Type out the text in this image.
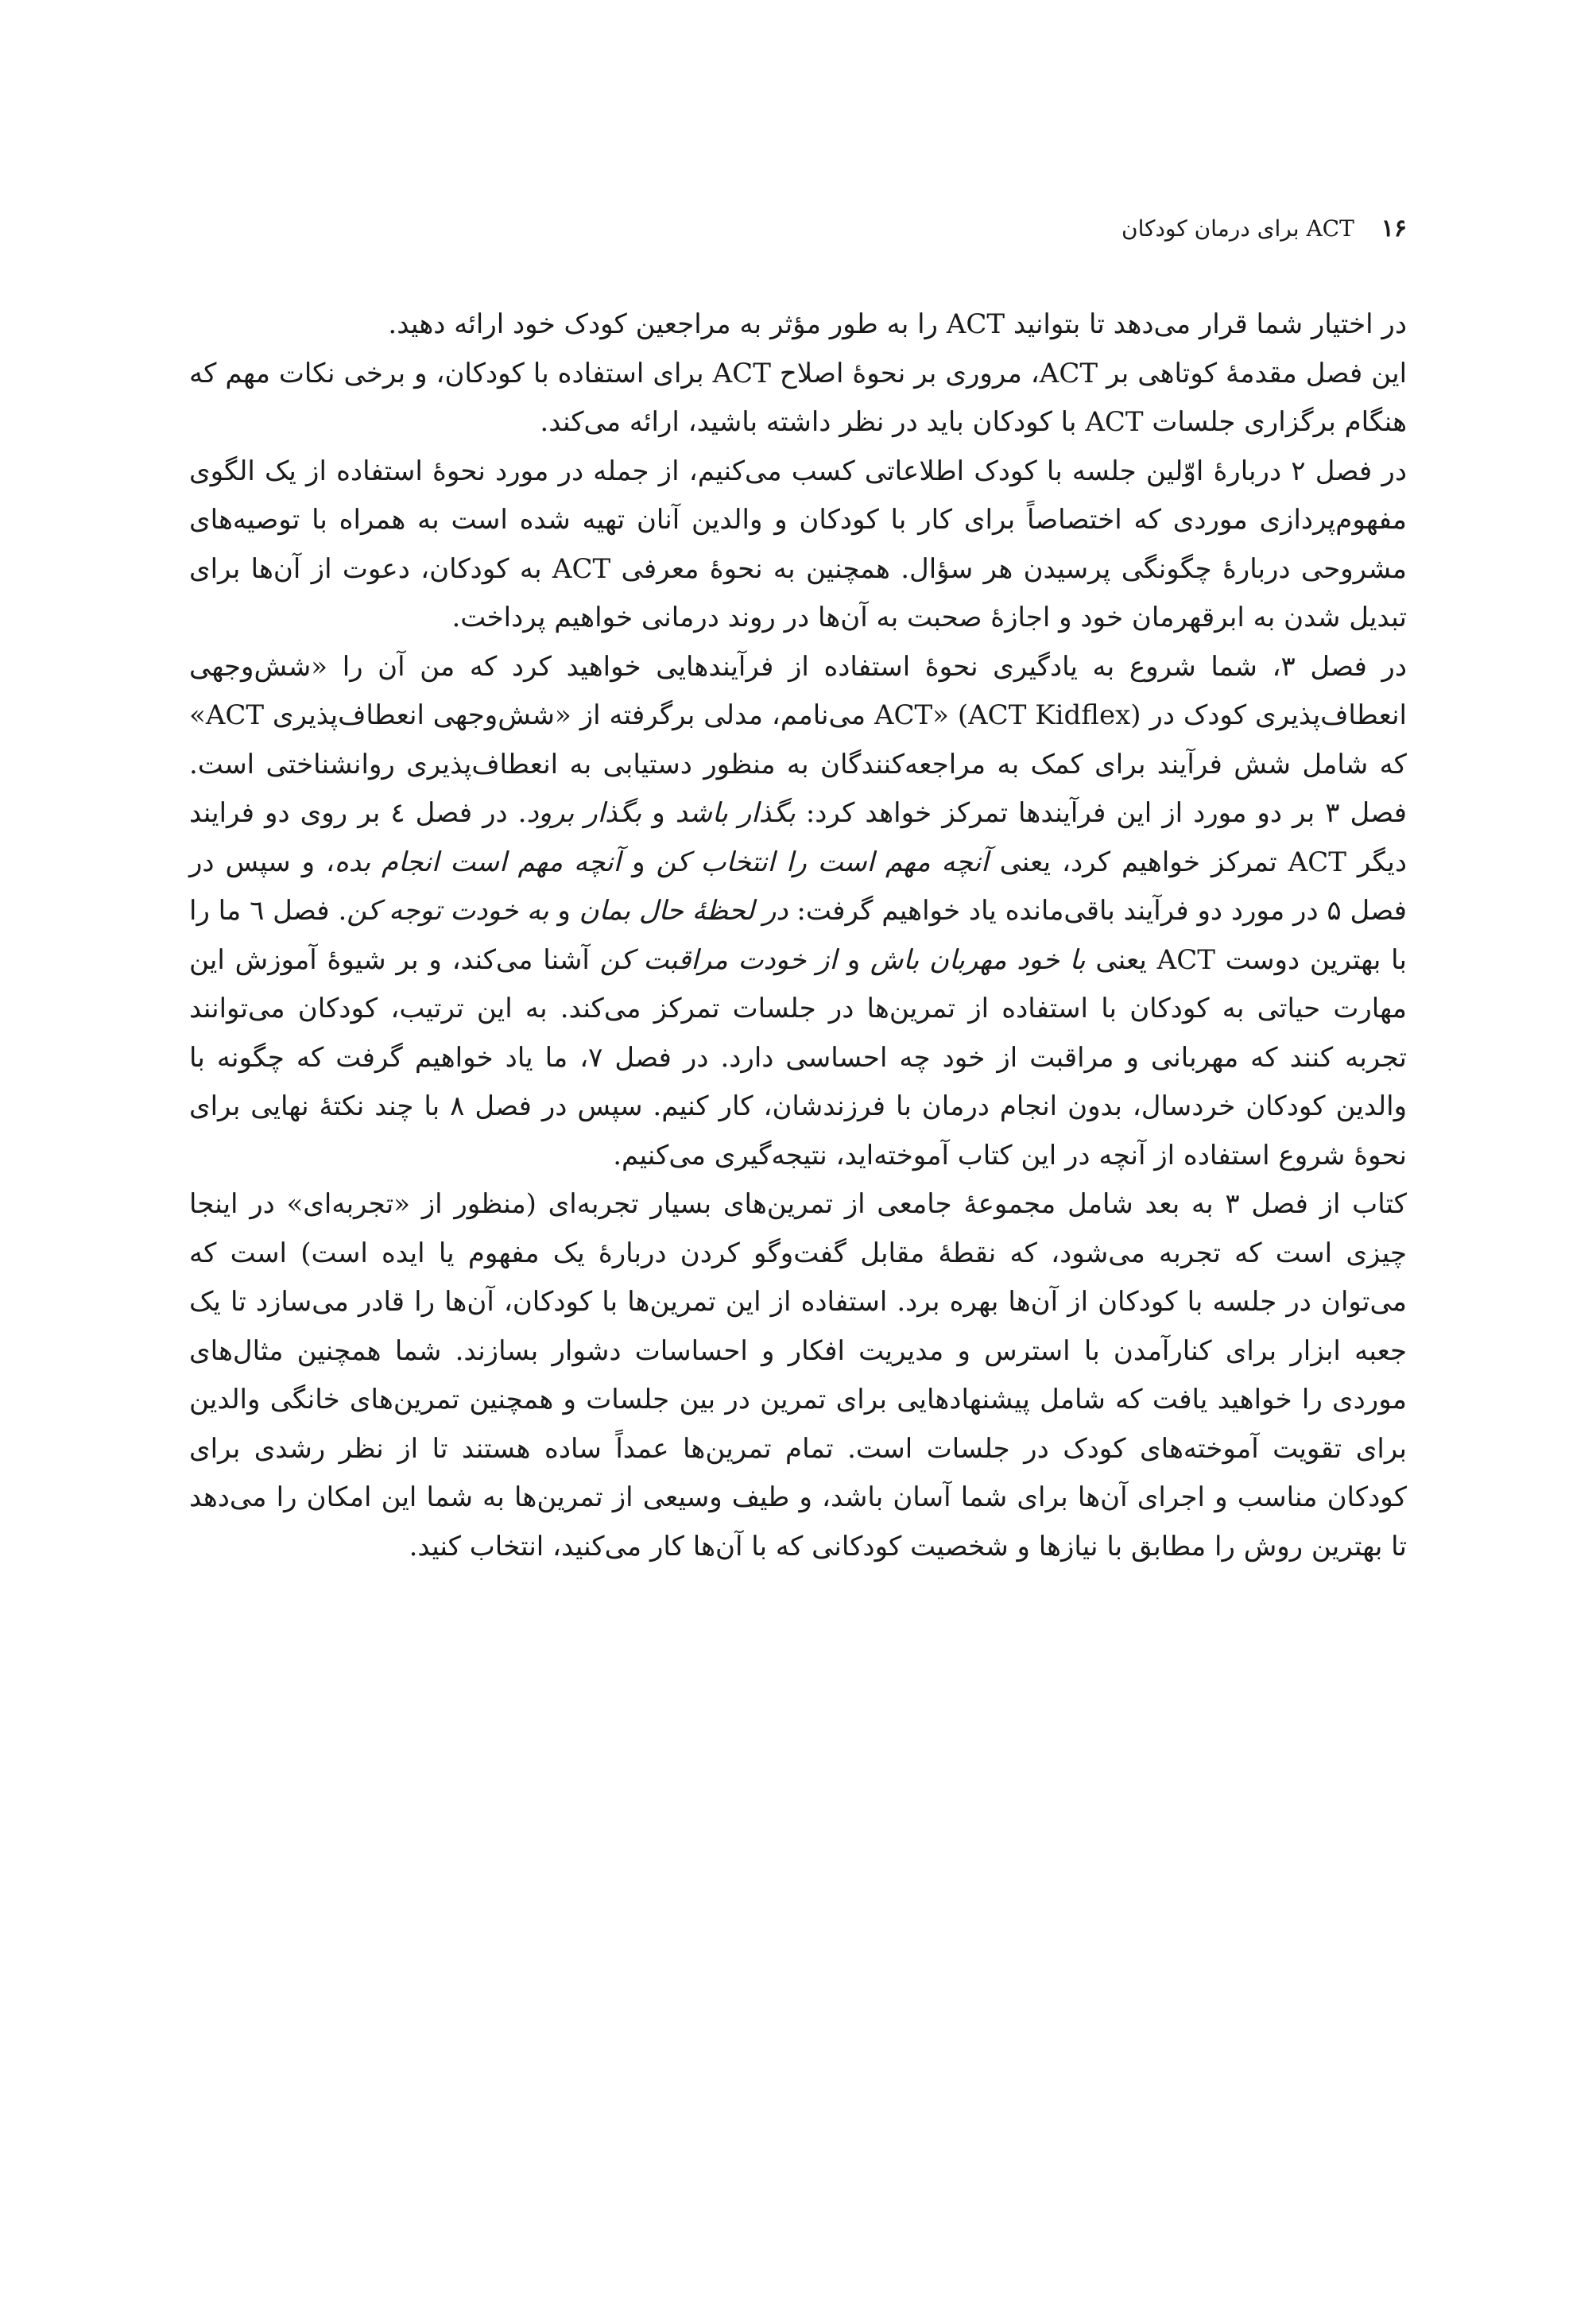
۱۶
ACT برای درمان کودکان

در اختیار شما قرار می‌دهد تا بتوانید ACT را به طور مؤثر به مراجعین کودک خود ارائه دهید.

این فصل مقدمهٔ کوتاهی بر ACT، مروری بر نحوهٔ اصلاح ACT برای استفاده با کودکان، و برخی نکات مهم که هنگام برگزاری جلسات ACT با کودکان باید در نظر داشته باشید، ارائه می‌کند.

در فصل ۲ دربارهٔ اوّلین جلسه با کودک اطلاعاتی کسب می‌کنیم، از جمله در مورد نحوهٔ استفاده از یک الگوی مفهوم‌پردازی موردی که اختصاصاً برای کار با کودکان و والدین آنان تهیه شده است به همراه با توصیه‌های مشروحی دربارهٔ چگونگی پرسیدن هر سؤال. همچنین به نحوهٔ معرفی ACT به کودکان، دعوت از آن‌ها برای تبدیل شدن به ابرقهرمان خود و اجازهٔ صحبت به آن‌ها در روند درمانی خواهیم پرداخت.

در فصل ۳، شما شروع به یادگیری نحوهٔ استفاده از فرآیندهایی خواهید کرد که من آن را «شش‌وجهی انعطاف‌پذیری کودک در ACT» (ACT Kidflex) می‌نامم، مدلی برگرفته از «شش‌وجهی انعطاف‌پذیری ACT» که شامل شش فرآیند برای کمک به مراجعه‌کنندگان به منظور دستیابی به انعطاف‌پذیری روانشناختی است. فصل ۳ بر دو مورد از این فرآیندها تمرکز خواهد کرد: بگذار باشد و بگذار برود. در فصل ٤ بر روی دو فرایند دیگر ACT تمرکز خواهیم کرد، یعنی آنچه مهم است را انتخاب کن و آنچه مهم است انجام بده، و سپس در فصل ۵ در مورد دو فرآیند باقی‌مانده یاد خواهیم گرفت: در لحظهٔ حال بمان و به خودت توجه کن. فصل ٦ ما را با بهترین دوست ACT یعنی با خود مهربان باش و از خودت مراقبت کن آشنا می‌کند، و بر شیوهٔ آموزش این مهارت حیاتی به کودکان با استفاده از تمرین‌ها در جلسات تمرکز می‌کند. به این ترتیب، کودکان می‌توانند تجربه کنند که مهربانی و مراقبت از خود چه احساسی دارد. در فصل ۷، ما یاد خواهیم گرفت که چگونه با والدین کودکان خردسال، بدون انجام درمان با فرزندشان، کار کنیم. سپس در فصل ۸ با چند نکتهٔ نهایی برای نحوهٔ شروع استفاده از آنچه در این کتاب آموخته‌اید، نتیجه‌گیری می‌کنیم.

کتاب از فصل ۳ به بعد شامل مجموعهٔ جامعی از تمرین‌های بسیار تجربه‌ای (منظور از «تجربه‌ای» در اینجا چیزی است که تجربه می‌شود، که نقطهٔ مقابل گفت‌وگو کردن دربارهٔ یک مفهوم یا ایده است) است که می‌توان در جلسه با کودکان از آن‌ها بهره برد. استفاده از این تمرین‌ها با کودکان، آن‌ها را قادر می‌سازد تا یک جعبه ابزار برای کنارآمدن با استرس و مدیریت افکار و احساسات دشوار بسازند. شما همچنین مثال‌های موردی را خواهید یافت که شامل پیشنهادهایی برای تمرین در بین جلسات و همچنین تمرین‌های خانگی والدین برای تقویت آموخته‌های کودک در جلسات است. تمام تمرین‌ها عمداً ساده هستند تا از نظر رشدی برای کودکان مناسب و اجرای آن‌ها برای شما آسان باشد، و طیف وسیعی از تمرین‌ها به شما این امکان را می‌دهد تا بهترین روش را مطابق با نیازها و شخصیت کودکانی که با آن‌ها کار می‌کنید، انتخاب کنید.
